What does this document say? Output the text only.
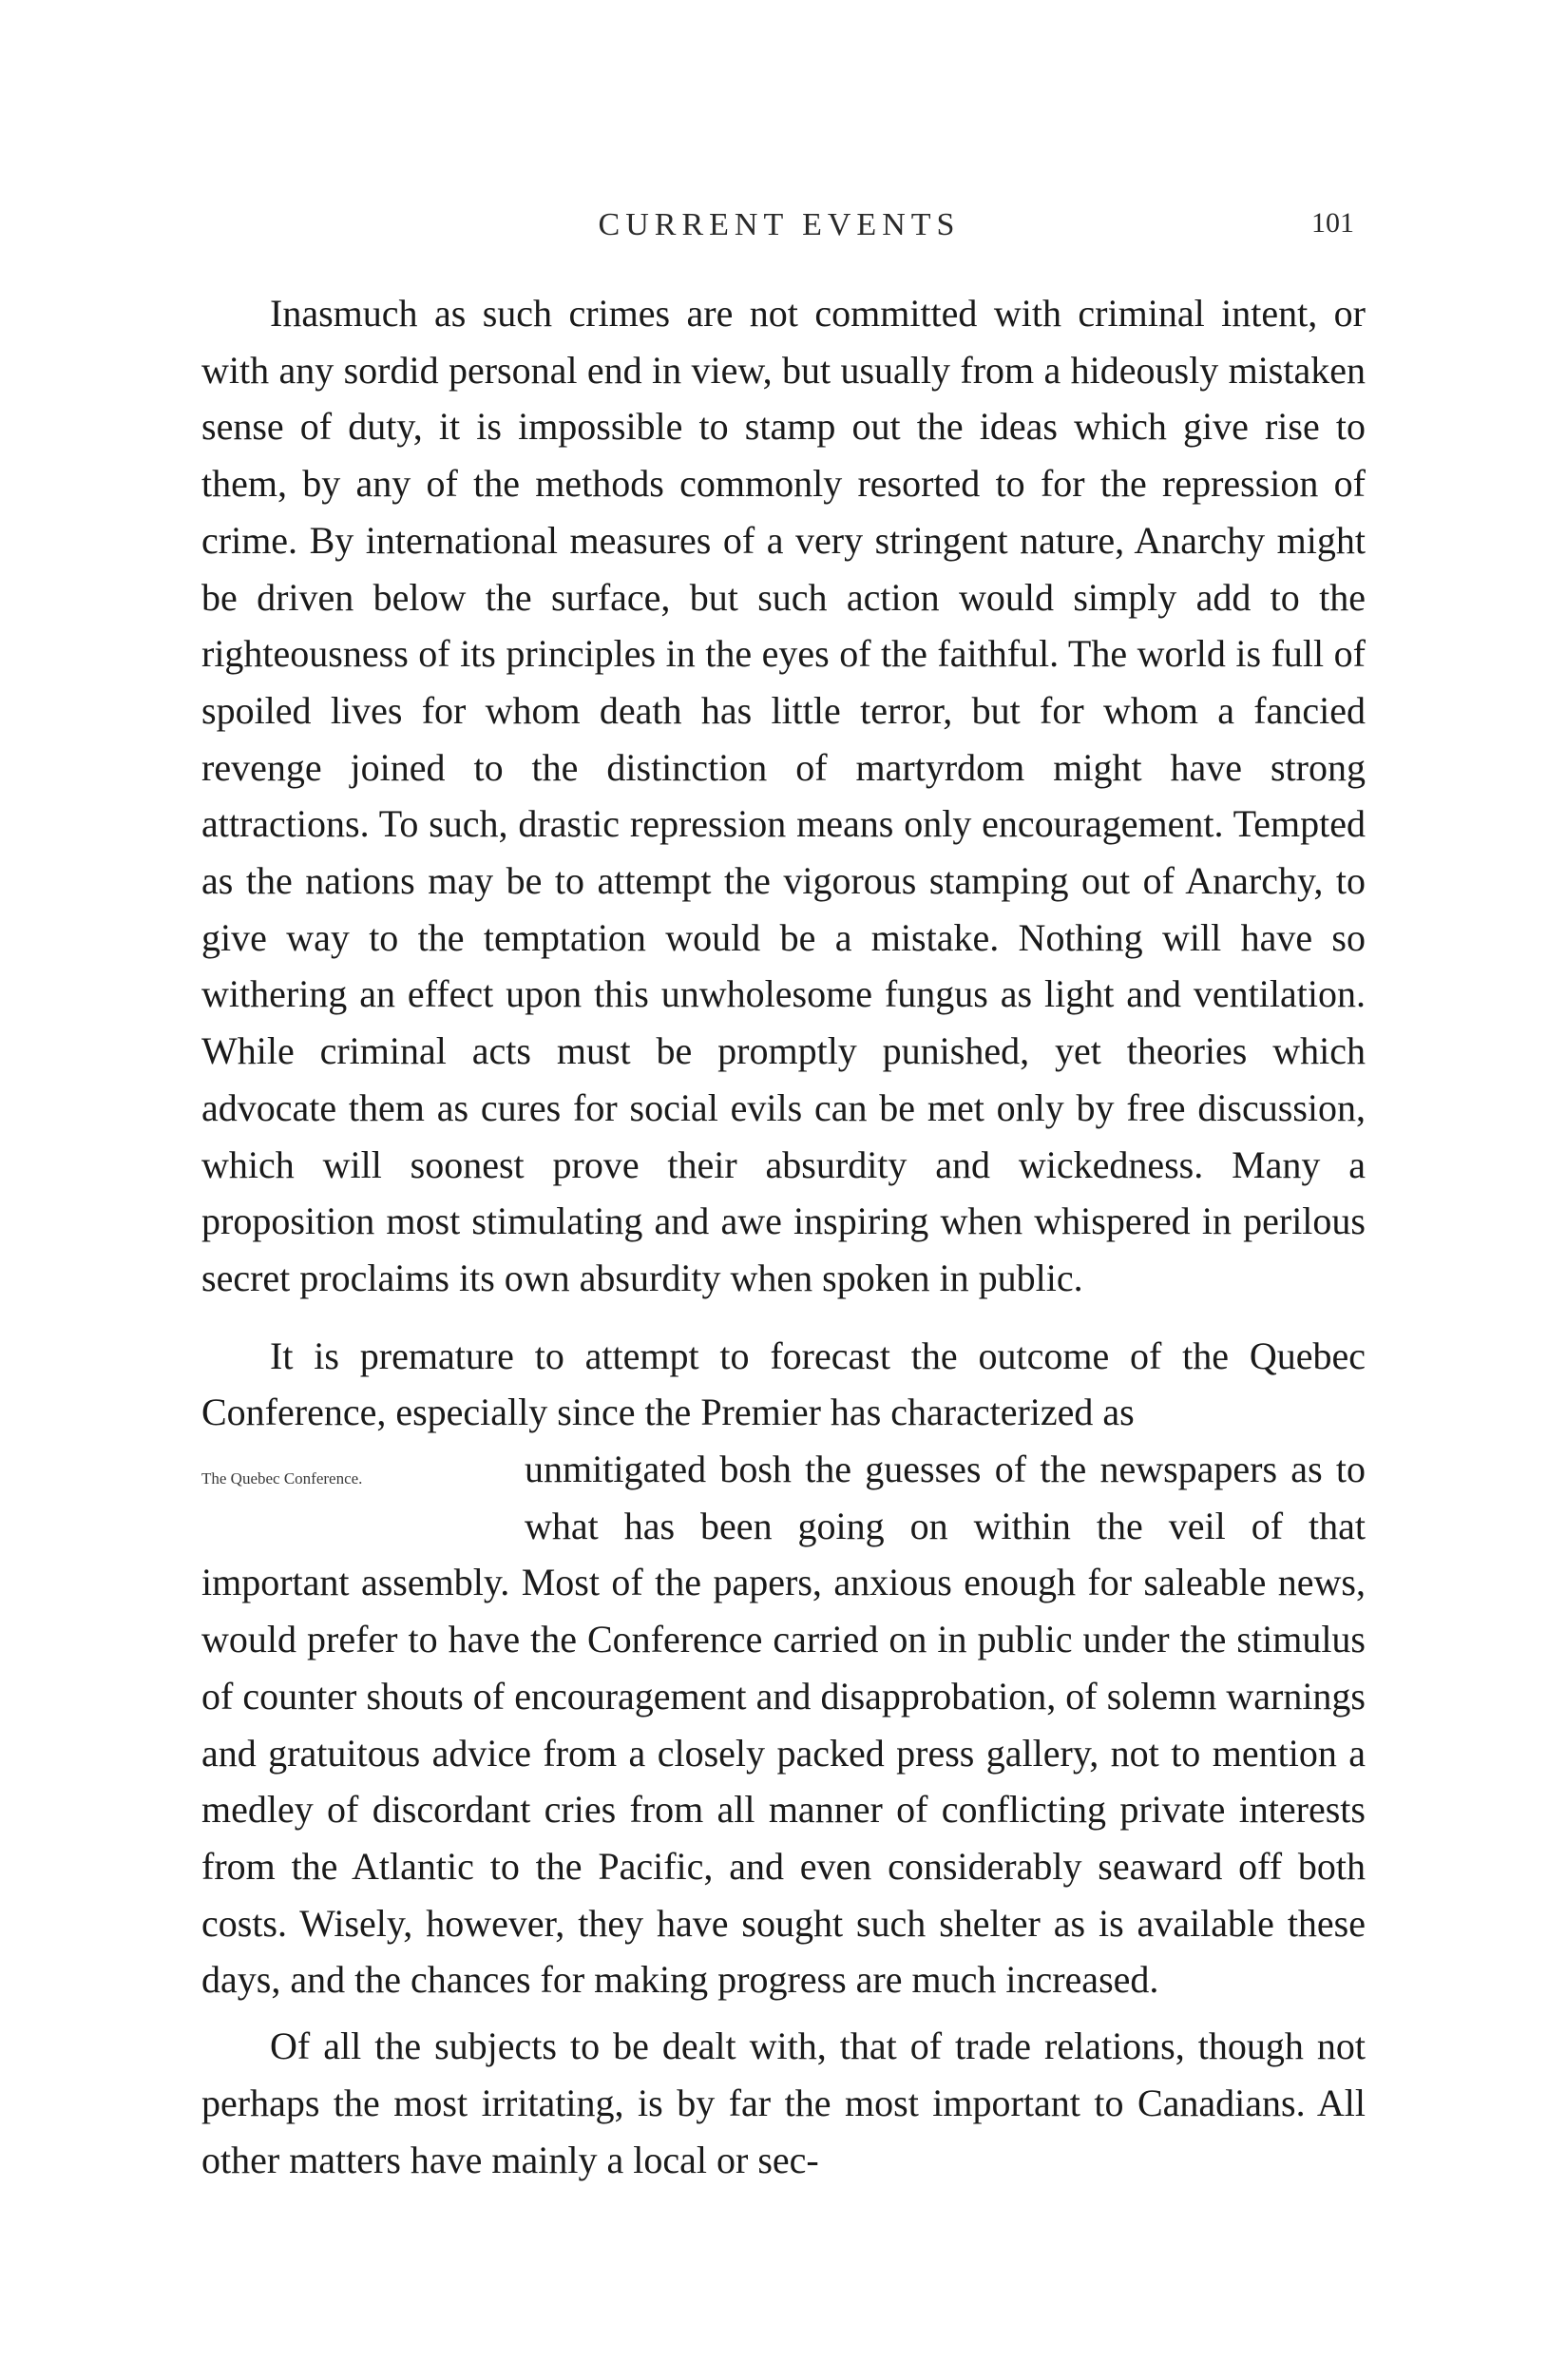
CURRENT EVENTS	101

Inasmuch as such crimes are not committed with criminal intent, or with any sordid personal end in view, but usually from a hideously mistaken sense of duty, it is impossible to stamp out the ideas which give rise to them, by any of the methods commonly resorted to for the repression of crime. By international measures of a very stringent nature, Anarchy might be driven below the surface, but such action would simply add to the righteousness of its principles in the eyes of the faithful. The world is full of spoiled lives for whom death has little terror, but for whom a fancied revenge joined to the distinction of martyrdom might have strong attractions. To such, drastic repression means only encouragement. Tempted as the nations may be to attempt the vigorous stamping out of Anarchy, to give way to the temptation would be a mistake. Nothing will have so withering an effect upon this unwholesome fungus as light and ventilation. While criminal acts must be promptly punished, yet theories which advocate them as cures for social evils can be met only by free discussion, which will soonest prove their absurdity and wickedness. Many a proposition most stimulating and awe inspiring when whispered in perilous secret proclaims its own absurdity when spoken in public.

It is premature to attempt to forecast the outcome of the Quebec Conference, especially since the Premier has characterized as

The Quebec Conference.	unmitigated bosh the guesses of the newspapers as to what has been going on within the veil of that important assembly. Most of the papers, anxious enough for saleable news, would prefer to have the Conference carried on in public under the stimulus of counter shouts of encouragement and disapprobation, of solemn warnings and gratuitous advice from a closely packed press gallery, not to mention a medley of discordant cries from all manner of conflicting private interests from the Atlantic to the Pacific, and even considerably seaward off both costs. Wisely, however, they have sought such shelter as is available these days, and the chances for making progress are much increased.

Of all the subjects to be dealt with, that of trade relations, though not perhaps the most irritating, is by far the most important to Canadians. All other matters have mainly a local or sec-
